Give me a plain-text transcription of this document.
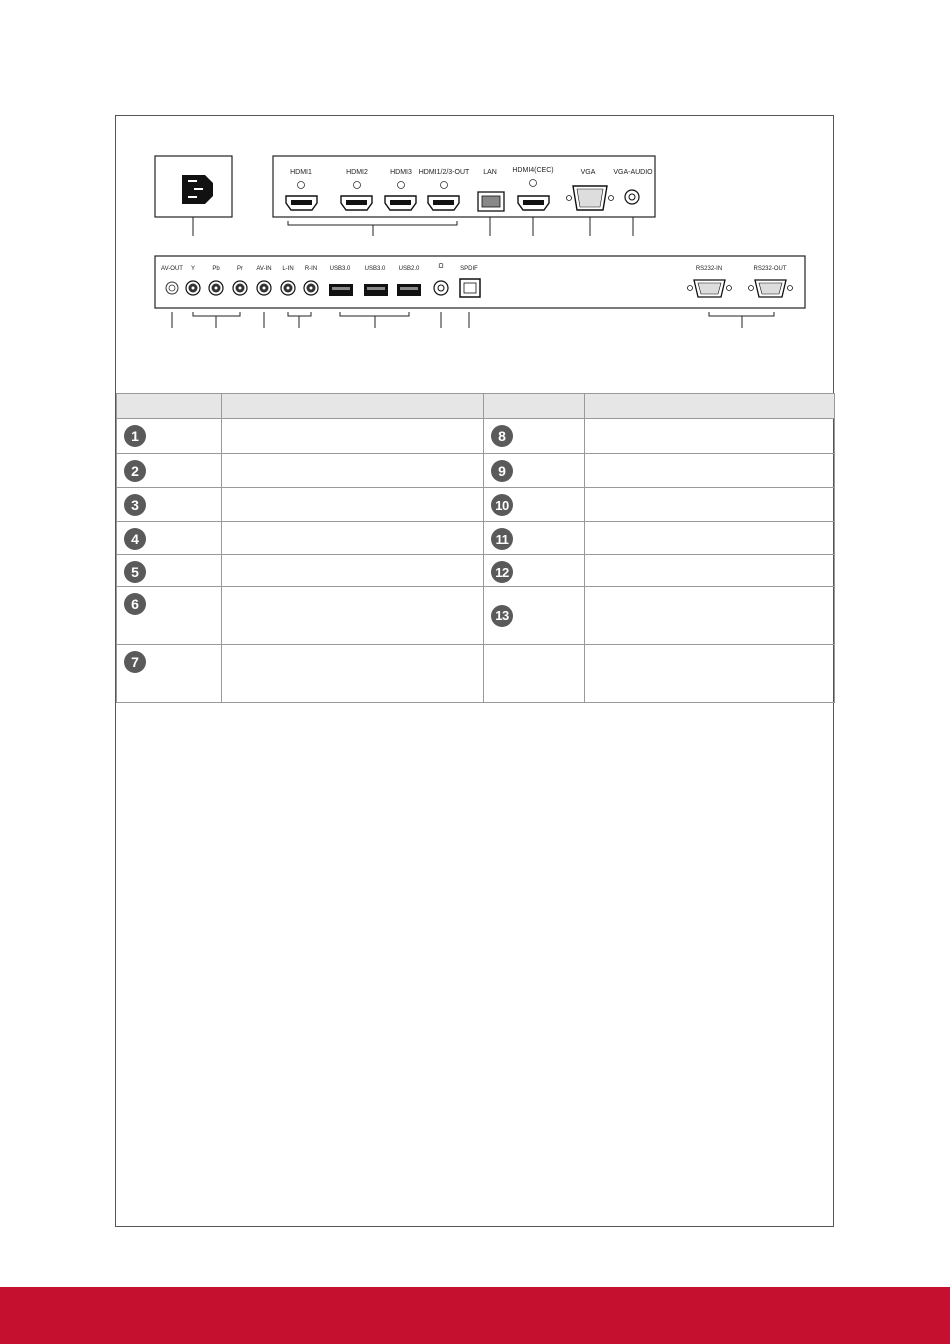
HDMI1	HDMI2	HDMI3 HDMI1/2/3-OUT LAN HDMI4(CEC)	VGA	VGA-AUDIO
AV-OUT Y	Pb	Pr AV-IN L-IN R-IN USB3.0 USB3.0 USB2.0	Ω	SPDIF	RS232-IN	RS232-OUT

1		8	
2		9	
3		10	
4		11	
5		12	
6		13	
7			
